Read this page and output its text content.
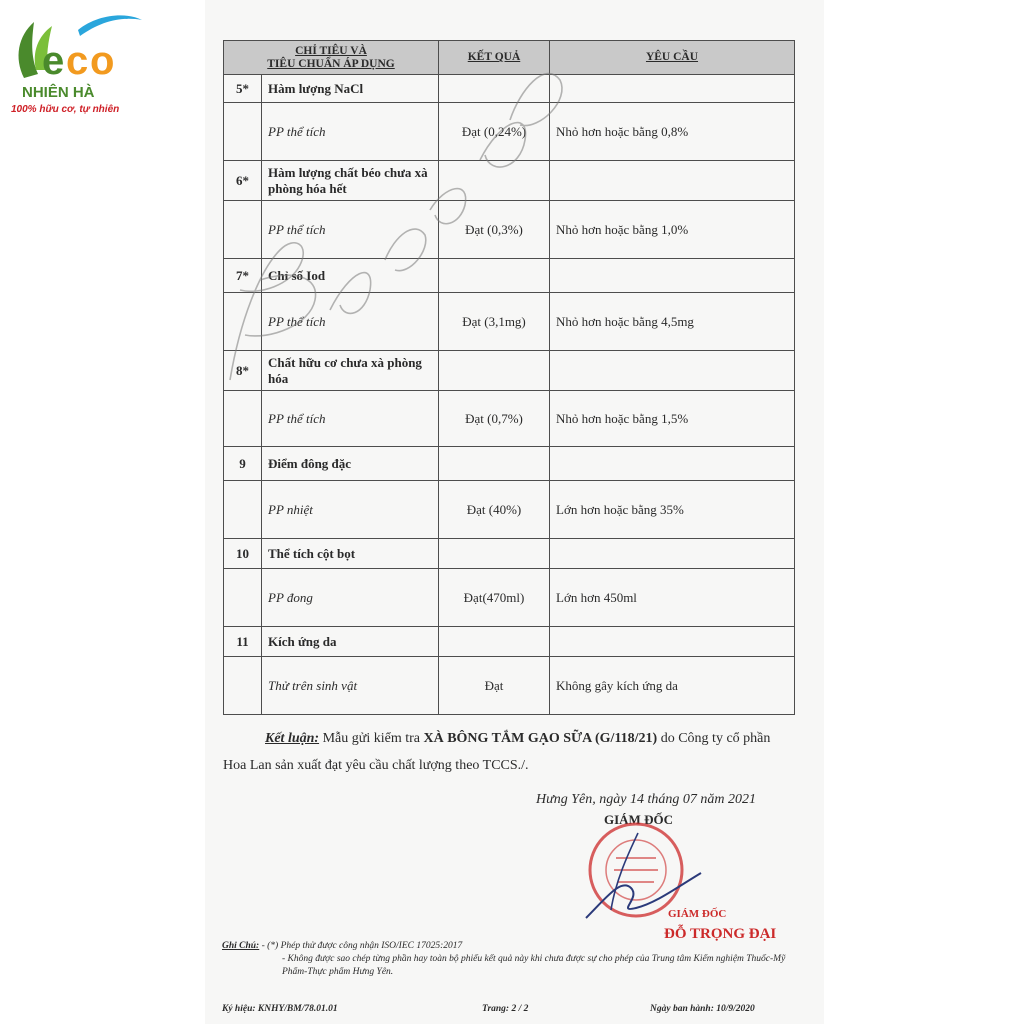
e c o
NHIÊN HÀ
100% hữu cơ, tự nhiên
CHỈ TIÊU VÀ
TIÊU CHUẨN ÁP DỤNG		KẾT QUẢ	YÊU CẦU
5*	Hàm lượng NaCl		
	PP thể tích	Đạt (0,24%)	Nhỏ hơn hoặc bằng 0,8%
6*	Hàm lượng chất béo chưa xà phòng hóa hết		
	PP thể tích	Đạt (0,3%)	Nhỏ hơn hoặc bằng 1,0%
7*	Chỉ số Iod		
	PP thể tích	Đạt (3,1mg)	Nhỏ hơn hoặc bằng 4,5mg
8*	Chất hữu cơ chưa xà phòng hóa		
	PP thể tích	Đạt (0,7%)	Nhỏ hơn hoặc bằng 1,5%
9	Điểm đông đặc		
	PP nhiệt	Đạt (40%)	Lớn hơn hoặc bằng 35%
10	Thể tích cột bọt		
	PP đong	Đạt(470ml)	Lớn hơn 450ml
11	Kích ứng da		
	Thử trên sinh vật	Đạt	Không gây kích ứng da
Kết luận: Mẫu gửi kiểm tra XÀ BÔNG TẮM GẠO SỮA (G/118/21) do Công ty cổ phần Hoa Lan sản xuất đạt yêu cầu chất lượng theo TCCS./.
Hưng Yên, ngày 14 tháng 07 năm 2021
GIÁM ĐỐC
GIÁM ĐỐC
ĐỖ TRỌNG ĐẠI
Ghi Chú: - (*) Phép thử được công nhận ISO/IEC 17025:2017
- Không được sao chép từng phần hay toàn bộ phiếu kết quả này khi chưa được sự cho phép của Trung tâm Kiểm nghiệm Thuốc-Mỹ Phẩm-Thực phẩm Hưng Yên.
Ký hiệu: KNHY/BM/78.01.01	Trang: 2 / 2	Ngày ban hành: 10/9/2020
